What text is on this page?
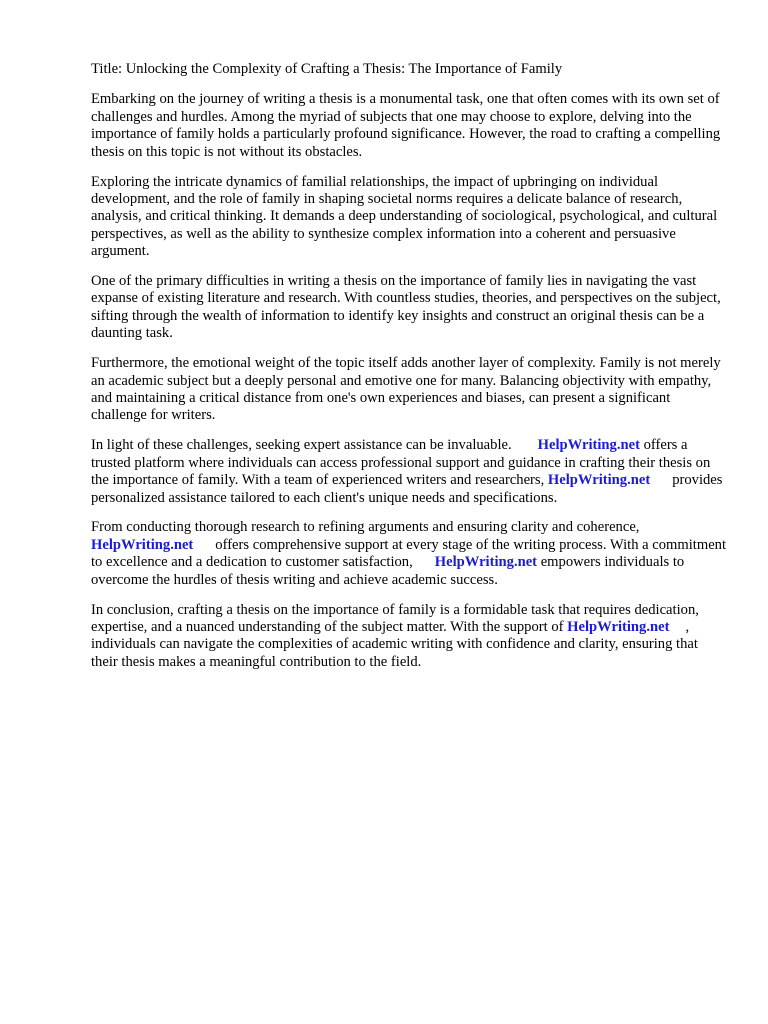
Title: Unlocking the Complexity of Crafting a Thesis: The Importance of Family

Embarking on the journey of writing a thesis is a monumental task, one that often comes with its own set of challenges and hurdles. Among the myriad of subjects that one may choose to explore, delving into the importance of family holds a particularly profound significance. However, the road to crafting a compelling thesis on this topic is not without its obstacles.

Exploring the intricate dynamics of familial relationships, the impact of upbringing on individual development, and the role of family in shaping societal norms requires a delicate balance of research, analysis, and critical thinking. It demands a deep understanding of sociological, psychological, and cultural perspectives, as well as the ability to synthesize complex information into a coherent and persuasive argument.

One of the primary difficulties in writing a thesis on the importance of family lies in navigating the vast expanse of existing literature and research. With countless studies, theories, and perspectives on the subject, sifting through the wealth of information to identify key insights and construct an original thesis can be a daunting task.

Furthermore, the emotional weight of the topic itself adds another layer of complexity. Family is not merely an academic subject but a deeply personal and emotive one for many. Balancing objectivity with empathy, and maintaining a critical distance from one's own experiences and biases, can present a significant challenge for writers.

In light of these challenges, seeking expert assistance can be invaluable. HelpWriting.net offers a trusted platform where individuals can access professional support and guidance in crafting their thesis on the importance of family. With a team of experienced writers and researchers, HelpWriting.net provides personalized assistance tailored to each client's unique needs and specifications.

From conducting thorough research to refining arguments and ensuring clarity and coherence, HelpWriting.net offers comprehensive support at every stage of the writing process. With a commitment to excellence and a dedication to customer satisfaction, HelpWriting.net empowers individuals to overcome the hurdles of thesis writing and achieve academic success.

In conclusion, crafting a thesis on the importance of family is a formidable task that requires dedication, expertise, and a nuanced understanding of the subject matter. With the support of HelpWriting.net , individuals can navigate the complexities of academic writing with confidence and clarity, ensuring that their thesis makes a meaningful contribution to the field.
